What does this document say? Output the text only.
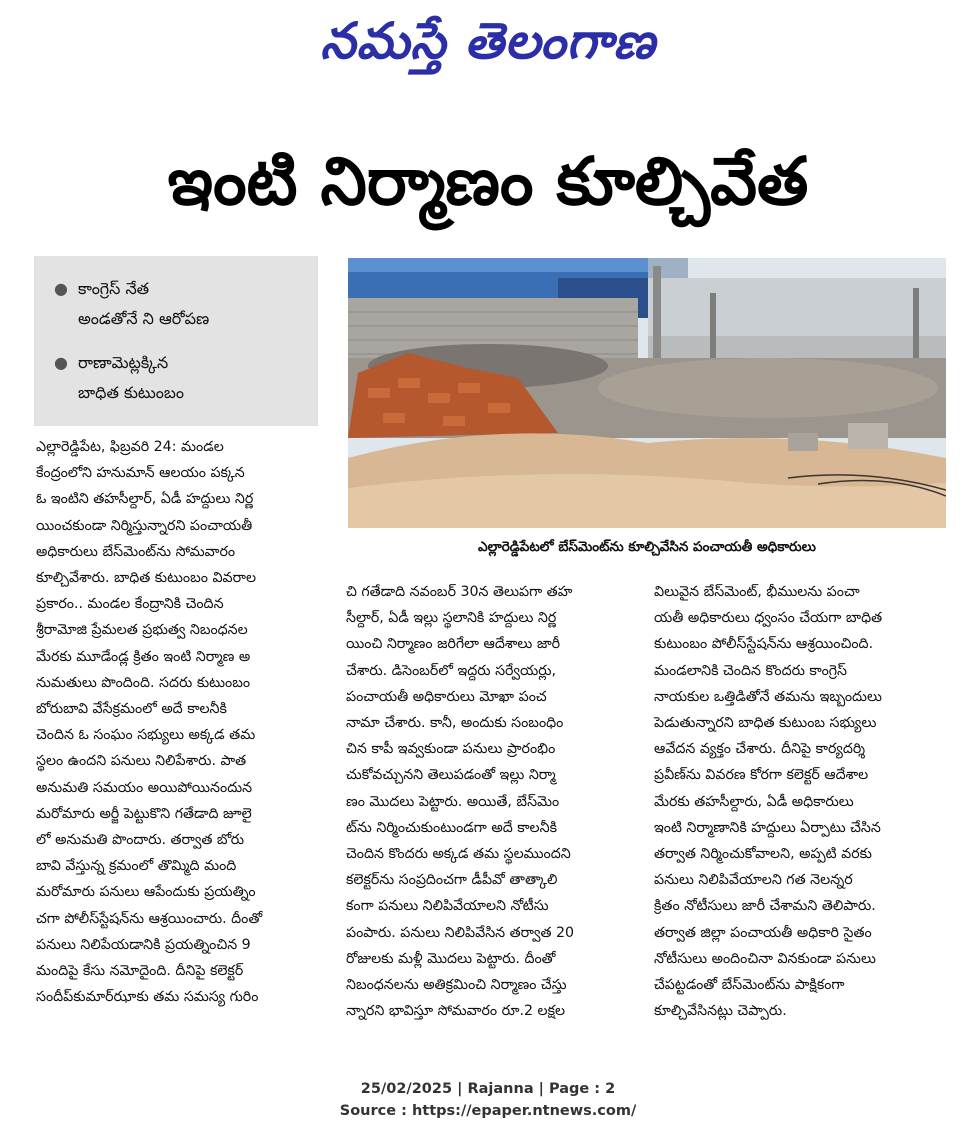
నమస్తే తెలంగాణ
ఇంటి నిర్మాణం కూల్చివేత
● కాంగ్రెస్ నేత
అండతోనే ని ఆరోపణ
● రాణామెట్లక్కిన
బాధిత కుటుంబం
ఎల్లారెడ్డిపేటలో బేస్‌మెంట్‌ను కూల్చివేసిన పంచాయతీ అధికారులు
ఎల్లారెడ్డిపేట, ఫిబ్రవరి 24: మండల
కేంద్రంలోని హనుమాన్ ఆలయం పక్కన
ఓ ఇంటిని తహసీల్దార్, ఏడీ హద్దులు నిర్ణ
యించకుండా నిర్మిస్తున్నారని పంచాయతీ
అధికారులు బేస్‌మెంట్‌ను సోమవారం
కూల్చివేశారు. బాధిత కుటుంబం వివరాల
ప్రకారం.. మండల కేంద్రానికి చెందిన
శ్రీరామోజి ప్రేమలత ప్రభుత్వ నిబంధనల
మేరకు మూడేండ్ల క్రితం ఇంటి నిర్మాణ అ
నుమతులు పొందింది. సదరు కుటుంబం
బోరుబావి వేసేక్రమంలో అదే కాలనీకి
చెందిన ఓ సంఘం సభ్యులు అక్కడ తమ
స్థలం ఉందని పనులు నిలిపేశారు. పాత
అనుమతి సమయం అయిపోయినందున
మరోమారు అర్జీ పెట్టుకొని గతేడాది జూలై
లో అనుమతి పొందారు. తర్వాత బోరు
బావి వేస్తున్న క్రమంలో తొమ్మిది మంది
మరోమారు పనులు ఆపేందుకు ప్రయత్నిం
చగా పోలీస్‌స్టేషన్‌ను ఆశ్రయించారు. దీంతో
పనులు నిలిపేయడానికి ప్రయత్నించిన 9
మందిపై కేసు నమోదైంది. దీనిపై కలెక్టర్
సందీప్‌కుమార్‌ఝాకు తమ సమస్య గురిం
చి గతేడాది నవంబర్ 30న తెలుపగా తహ
సీల్దార్, ఏడీ ఇల్లు స్థలానికి హద్దులు నిర్ణ
యించి నిర్మాణం జరిగేలా ఆదేశాలు జారీ
చేశారు. డిసెంబర్‌లో ఇద్దరు సర్వేయర్లు,
పంచాయతీ అధికారులు మోఖా పంచ
నామా చేశారు. కానీ, అందుకు సంబంధిం
చిన కాపీ ఇవ్వకుండా పనులు ప్రారంభిం
చుకోవచ్చునని తెలుపడంతో ఇల్లు నిర్మా
ణం మొదలు పెట్టారు. అయితే, బేస్‌మెం
ట్‌ను నిర్మించుకుంటుండగా అదే కాలనీకి
చెందిన కొందరు అక్కడ తమ స్థలముందని
కలెక్టర్‌ను సంప్రదించగా డీపీవో తాత్కాలి
కంగా పనులు నిలిపివేయాలని నోటీసు
పంపారు. పనులు నిలిపివేసిన తర్వాత 20
రోజులకు మళ్లీ మొదలు పెట్టారు. దీంతో
నిబంధనలను అతిక్రమించి నిర్మాణం చేస్తు
న్నారని భావిస్తూ సోమవారం రూ.2 లక్షల
విలువైన బేస్‌మెంట్, భీములను పంచా
యతీ అధికారులు ధ్వంసం చేయగా బాధిత
కుటుంబం పోలీస్‌స్టేషన్‌ను ఆశ్రయించింది.
మండలానికి చెందిన కొందరు కాంగ్రెస్
నాయకుల ఒత్తిడితోనే తమను ఇబ్బందులు
పెడుతున్నారని బాధిత కుటుంబ సభ్యులు
ఆవేదన వ్యక్తం చేశారు. దీనిపై కార్యదర్శి
ప్రవీణ్‌ను వివరణ కోరగా కలెక్టర్ ఆదేశాల
మేరకు తహసీల్దారు, ఏడీ అధికారులు
ఇంటి నిర్మాణానికి హద్దులు ఏర్పాటు చేసిన
తర్వాత నిర్మించుకోవాలని, అప్పటి వరకు
పనులు నిలిపివేయాలని గత నెలన్నర
క్రితం నోటీసులు జారీ చేశామని తెలిపారు.
తర్వాత జిల్లా పంచాయతీ అధికారి సైతం
నోటీసులు అందించినా వినకుండా పనులు
చేపట్టడంతో బేస్‌మెంట్‌ను పాక్షికంగా
కూల్చివేసినట్లు చెప్పారు.
25/02/2025 | Rajanna | Page : 2
Source : https://epaper.ntnews.com/
